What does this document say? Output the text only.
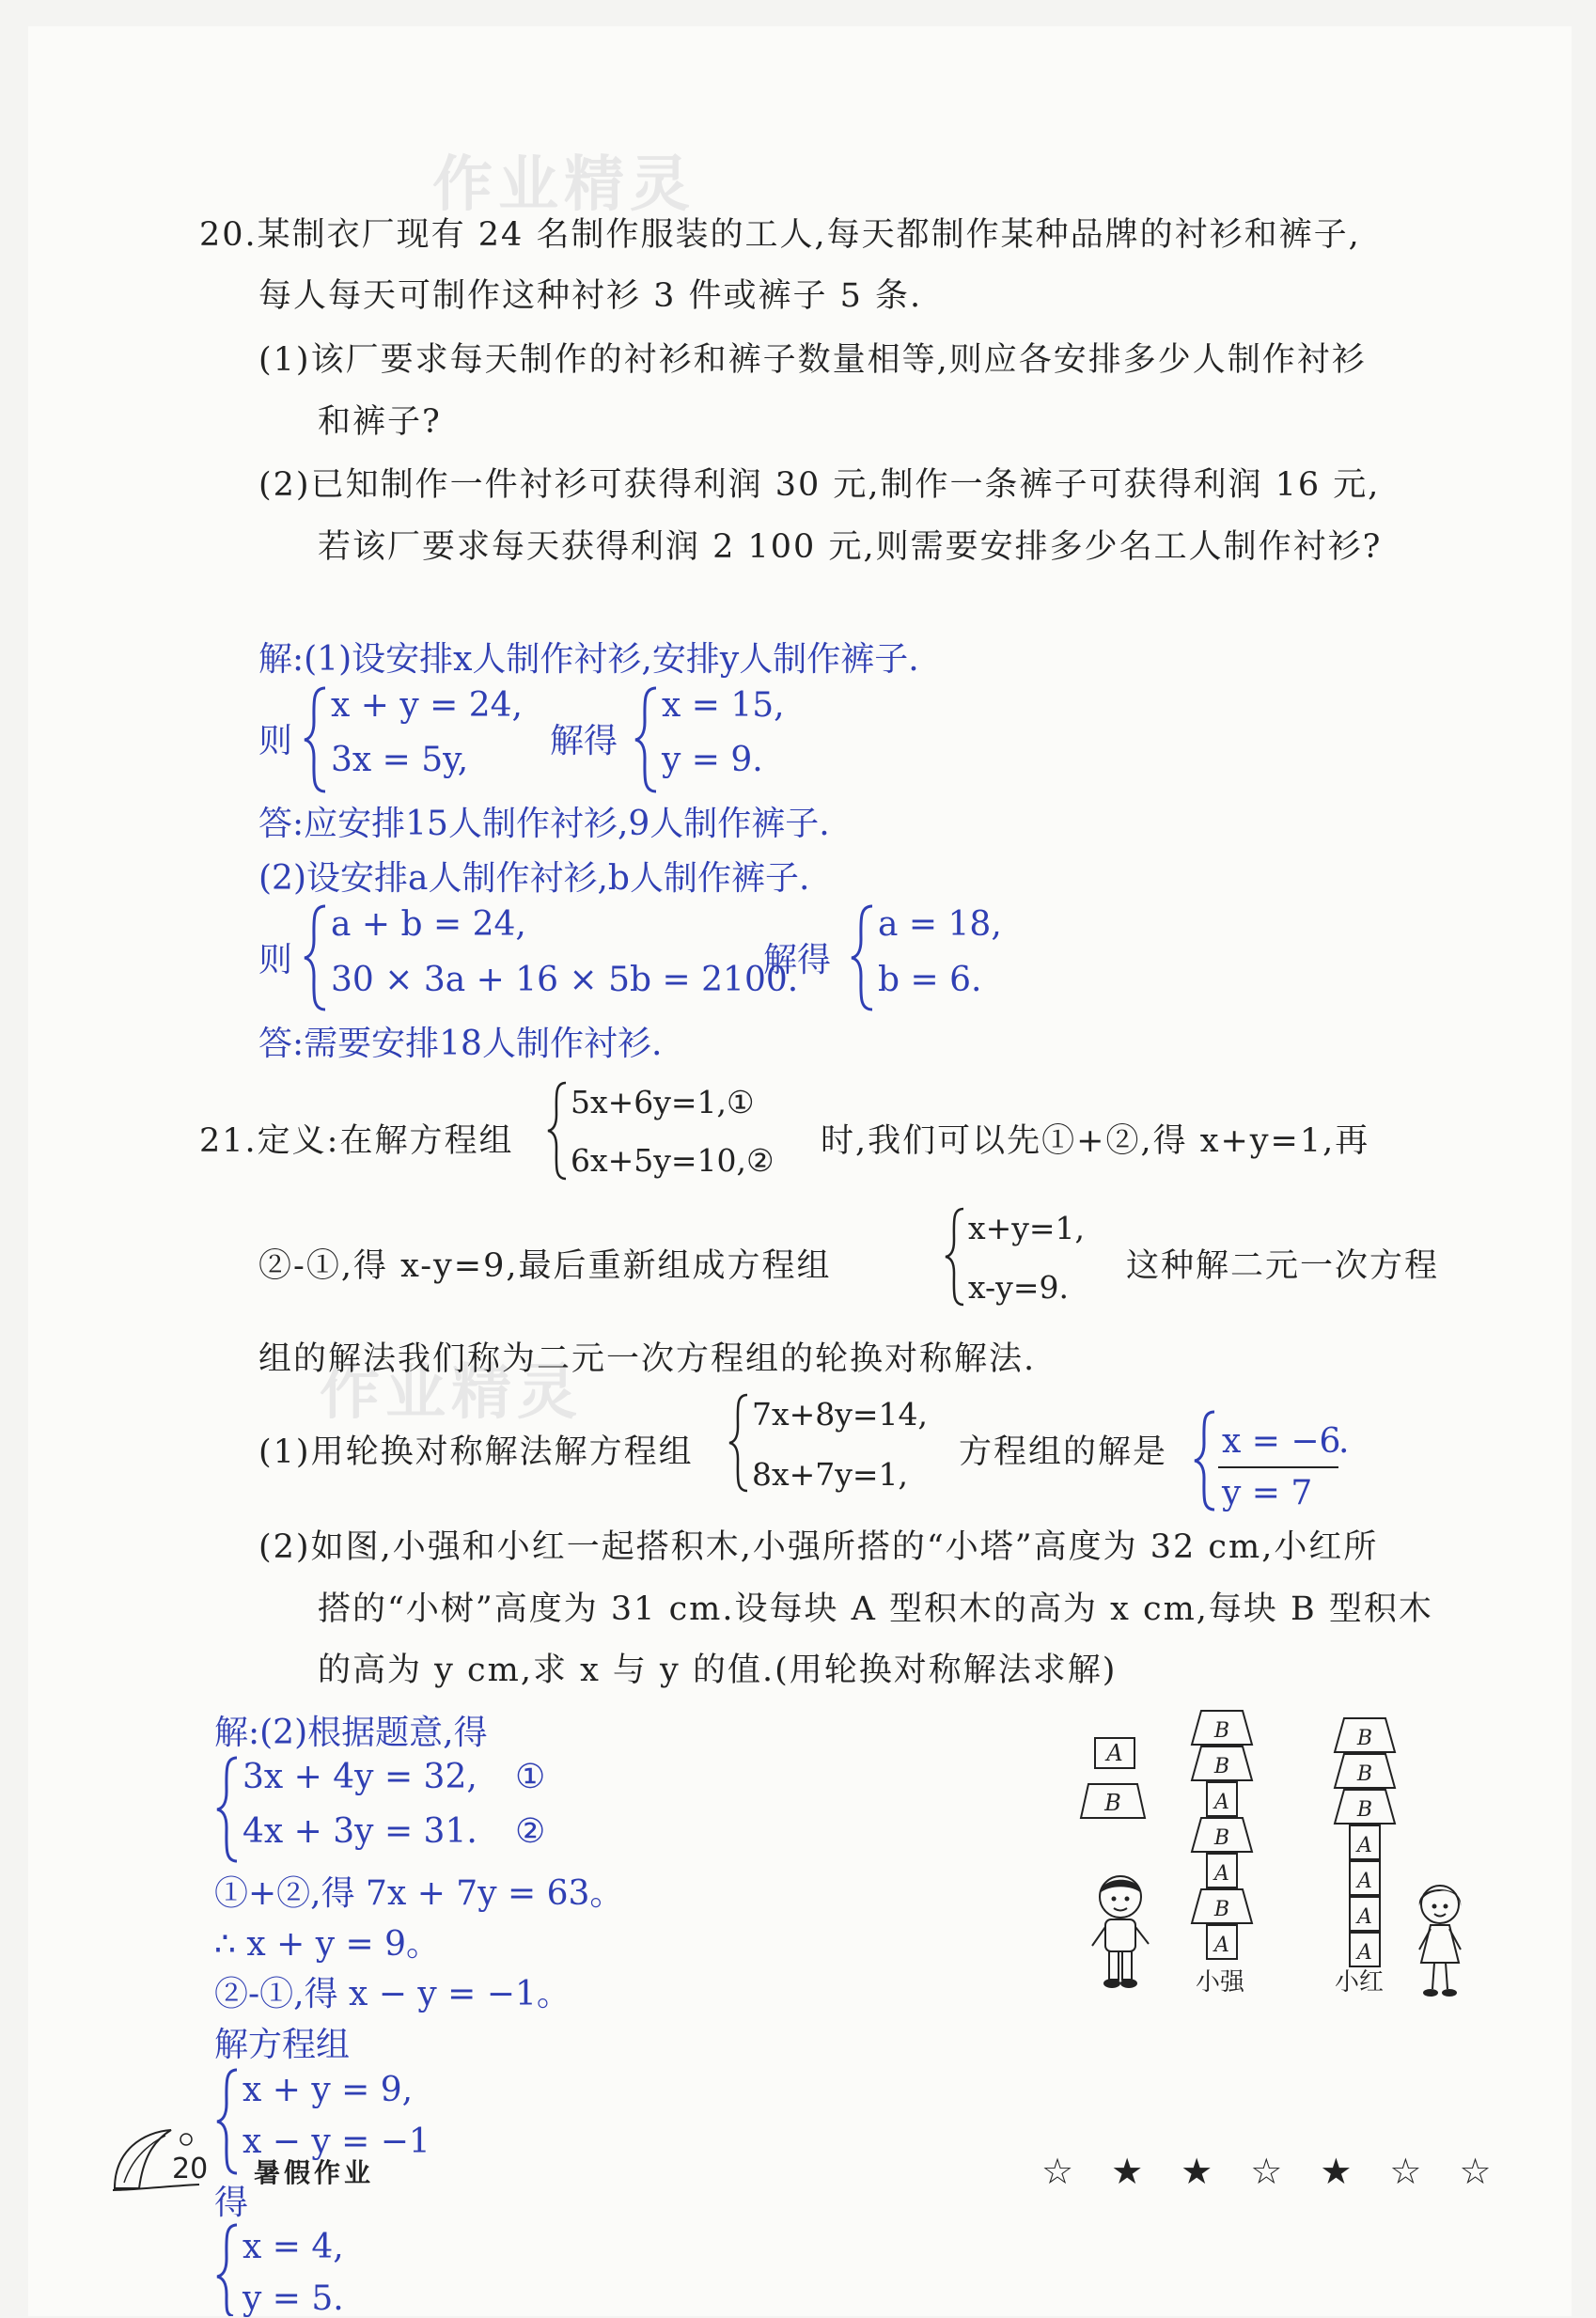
作业精灵
作业精灵
20.某制衣厂现有 24 名制作服装的工人,每天都制作某种品牌的衬衫和裤子,
每人每天可制作这种衬衫 3 件或裤子 5 条.
(1)该厂要求每天制作的衬衫和裤子数量相等,则应各安排多少人制作衬衫
和裤子?
(2)已知制作一件衬衫可获得利润 30 元,制作一条裤子可获得利润 16 元,
若该厂要求每天获得利润 2 100 元,则需要安排多少名工人制作衬衫?
解:(1)设安排x人制作衬衫,安排y人制作裤子.
则
x + y = 24,
3x = 5y, 解得
x = 15,
y = 9.
答:应安排15人制作衬衫,9人制作裤子.
(2)设安排a人制作衬衫,b人制作裤子.
则
a + b = 24,
30 × 3a + 16 × 5b = 2100.
解得
a = 18,
b = 6.
答:需要安排18人制作衬衫.
21.定义:在解方程组
5x+6y=1,①
6x+5y=10,②
时,我们可以先①+②,得 x+y=1,再
②-①,得 x-y=9,最后重新组成方程组
x+y=1,
x-y=9.
这种解二元一次方程
组的解法我们称为二元一次方程组的轮换对称解法.
(1)用轮换对称解法解方程组
7x+8y=14,
8x+7y=1,
方程组的解是 x = −6
y = 7
.
(2)如图,小强和小红一起搭积木,小强所搭的“小塔”高度为 32 cm,小红所
搭的“小树”高度为 31 cm.设每块 A 型积木的高为 x cm,每块 B 型积木
的高为 y cm,求 x 与 y 的值.(用轮换对称解法求解)
解:(2)根据题意,得
3x + 4y = 32,
4x + 3y = 31.
①
②
①+②,得 7x + 7y = 63。
∴ x + y = 9。
②-①,得 x − y = −1。
解方程组
x + y = 9,
x − y = −1
得
x = 4,
y = 5.
A
B
B
B
A
B
A
B
A
B
B
B
A
A
A
A
小强	小红
20 暑假作业	☆ ★ ★ ☆ ★ ☆ ☆
